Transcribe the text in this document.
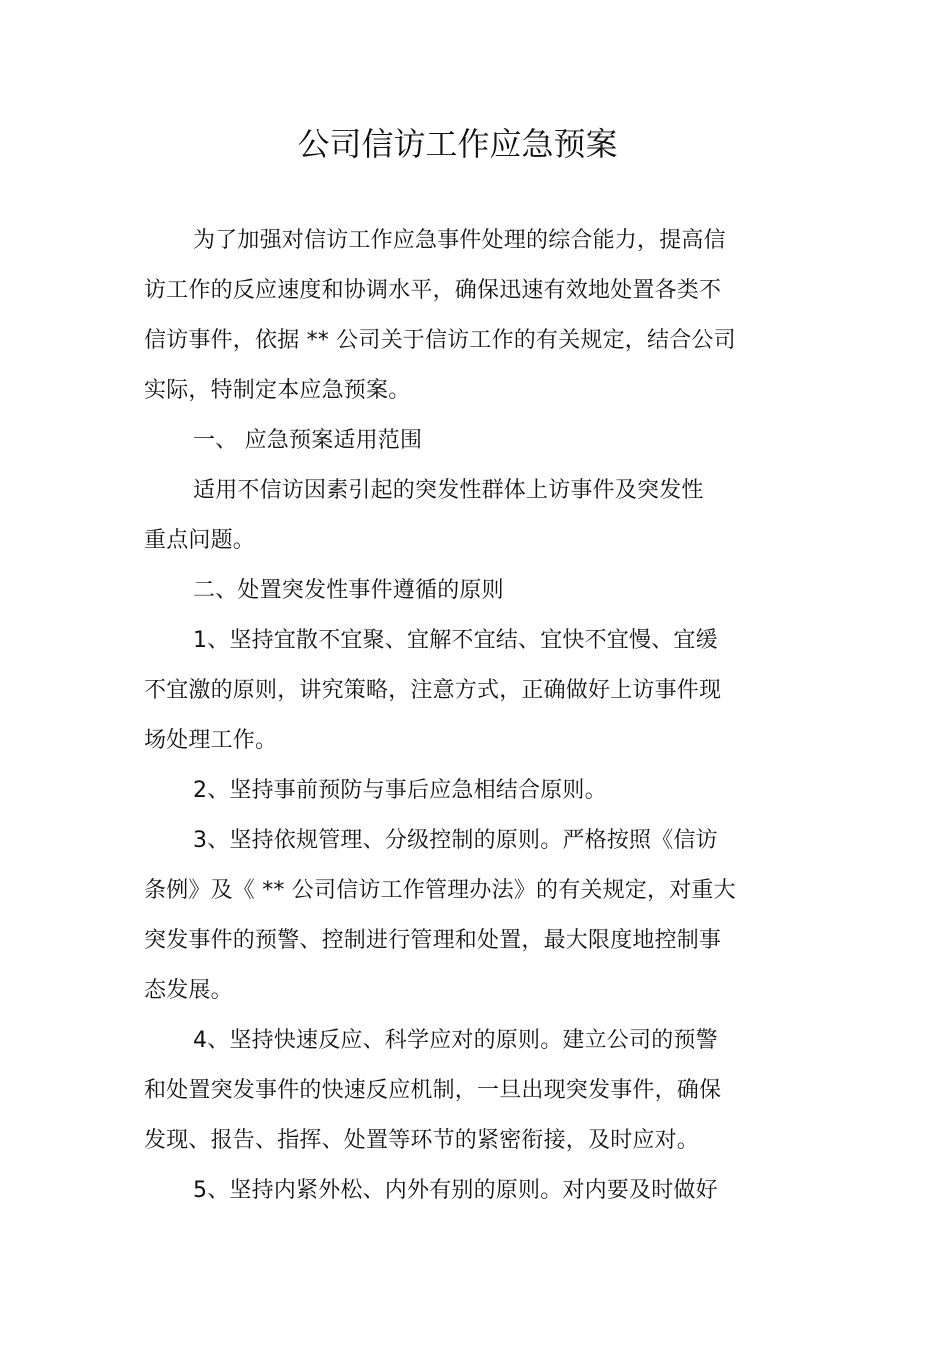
公司信访工作应急预案
为了加强对信访工作应急事件处理的综合能力，提高信
访工作的反应速度和协调水平，确保迅速有效地处置各类不
信访事件，依据 ** 公司关于信访工作的有关规定，结合公司
实际，特制定本应急预案。
一、 应急预案适用范围
适用不信访因素引起的突发性群体上访事件及突发性
重点问题。
二、处置突发性事件遵循的原则
1、坚持宜散不宜聚、宜解不宜结、宜快不宜慢、宜缓
不宜激的原则，讲究策略，注意方式，正确做好上访事件现
场处理工作。
2、坚持事前预防与事后应急相结合原则。
3、坚持依规管理、分级控制的原则。严格按照《信访
条例》及《 ** 公司信访工作管理办法》的有关规定，对重大
突发事件的预警、控制进行管理和处置，最大限度地控制事
态发展。
4、坚持快速反应、科学应对的原则。建立公司的预警
和处置突发事件的快速反应机制，一旦出现突发事件，确保
发现、报告、指挥、处置等环节的紧密衔接，及时应对。
5、坚持内紧外松、内外有别的原则。对内要及时做好
